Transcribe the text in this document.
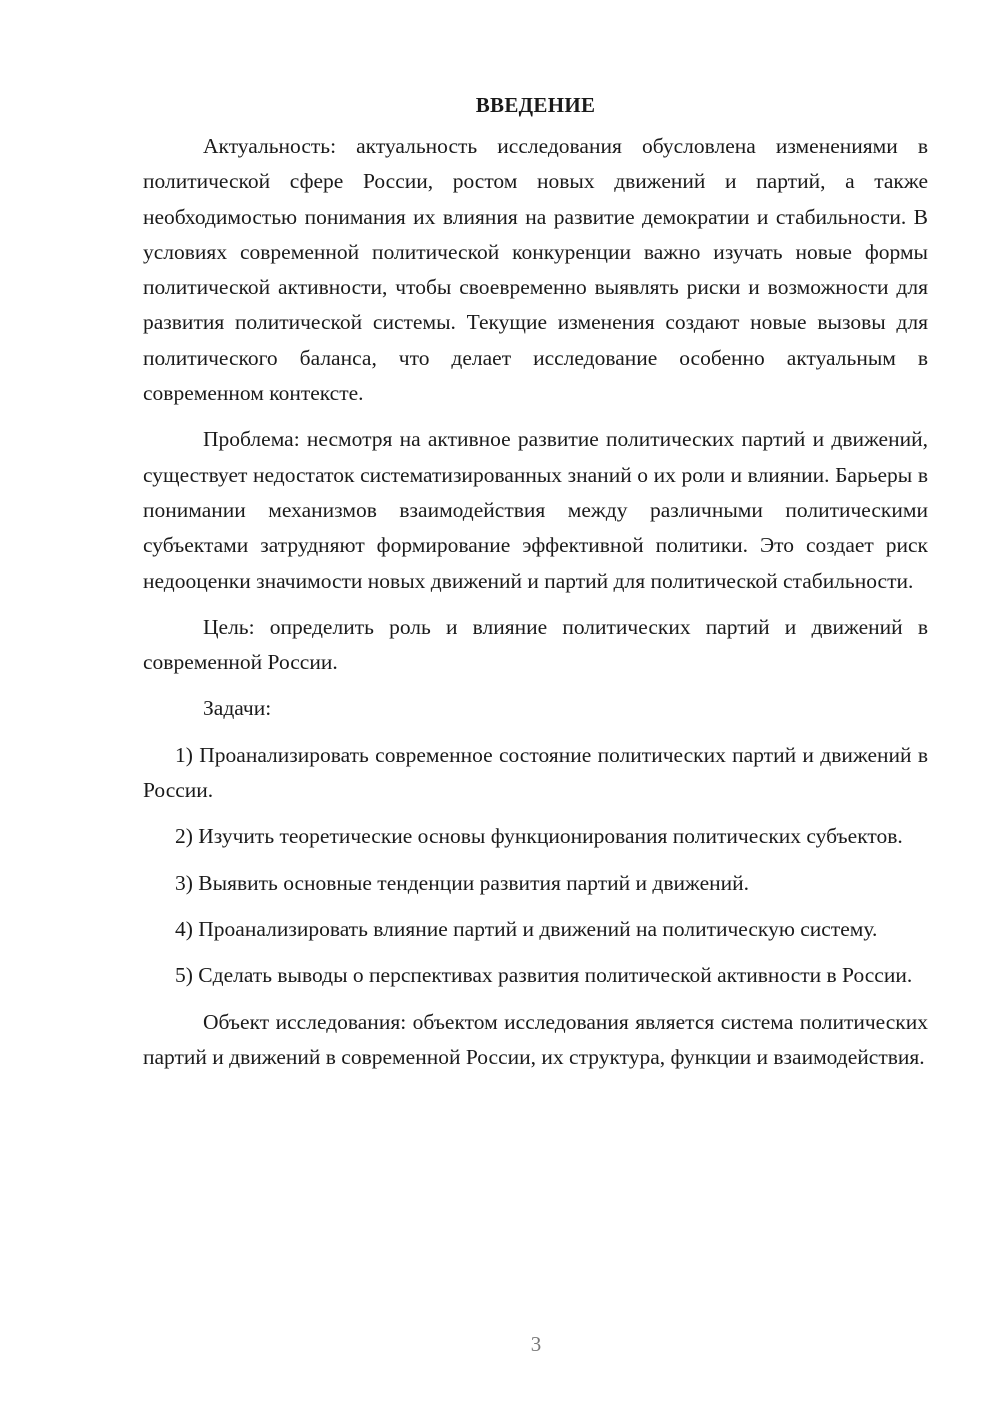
ВВЕДЕНИЕ

Актуальность: актуальность исследования обусловлена изменениями в политической сфере России, ростом новых движений и партий, а также необходимостью понимания их влияния на развитие демократии и стабильности. В условиях современной политической конкуренции важно изучать новые формы политической активности, чтобы своевременно выявлять риски и возможности для развития политической системы. Текущие изменения создают новые вызовы для политического баланса, что делает исследование особенно актуальным в современном контексте.

Проблема: несмотря на активное развитие политических партий и движений, существует недостаток систематизированных знаний о их роли и влиянии. Барьеры в понимании механизмов взаимодействия между различными политическими субъектами затрудняют формирование эффективной политики. Это создает риск недооценки значимости новых движений и партий для политической стабильности.

Цель: определить роль и влияние политических партий и движений в современной России.

Задачи:

1) Проанализировать современное состояние политических партий и движений в России.

2) Изучить теоретические основы функционирования политических субъектов.

3) Выявить основные тенденции развития партий и движений.

4) Проанализировать влияние партий и движений на политическую систему.

5) Сделать выводы о перспективах развития политической активности в России.

Объект исследования: объектом исследования является система политических партий и движений в современной России, их структура, функции и взаимодействия.

3
